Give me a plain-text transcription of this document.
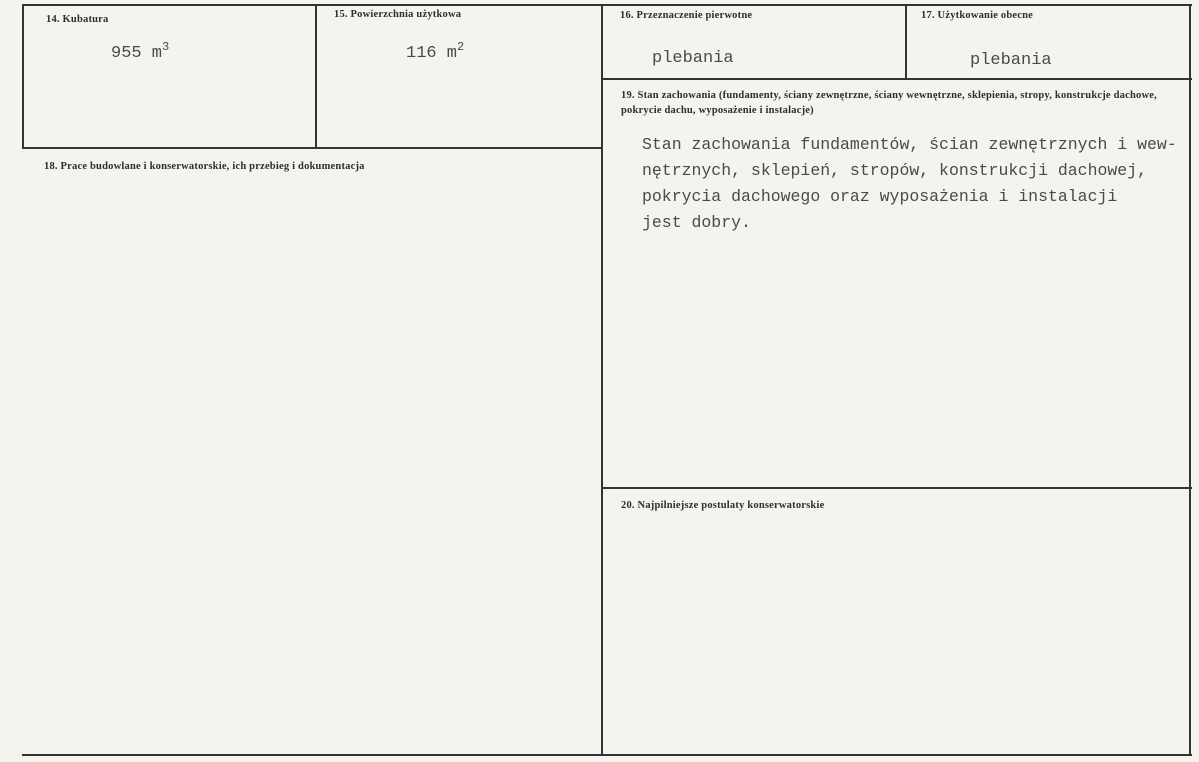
14. Kubatura
955 $m^3$
15. Powierzchnia użytkowa
116 $m^2$
16. Przeznaczenie pierwotne
plebania
17. Użytkowanie obecne
plebania
18. Prace budowlane i konserwatorskie, ich przebieg i dokumentacja
19. Stan zachowania (fundamenty, ściany zewnętrzne, ściany wewnętrzne, sklepienia, stropy, konstrukcje dachowe, pokrycie dachu, wyposażenie i instalacje)
Stan zachowania fundamentów, ścian zewnętrznych i wew-
nętrznych, sklepień, stropów, konstrukcji dachowej,
pokrycia dachowego oraz wyposażenia i instalacji
jest dobry.
20. Najpilniejsze postulaty konserwatorskie
